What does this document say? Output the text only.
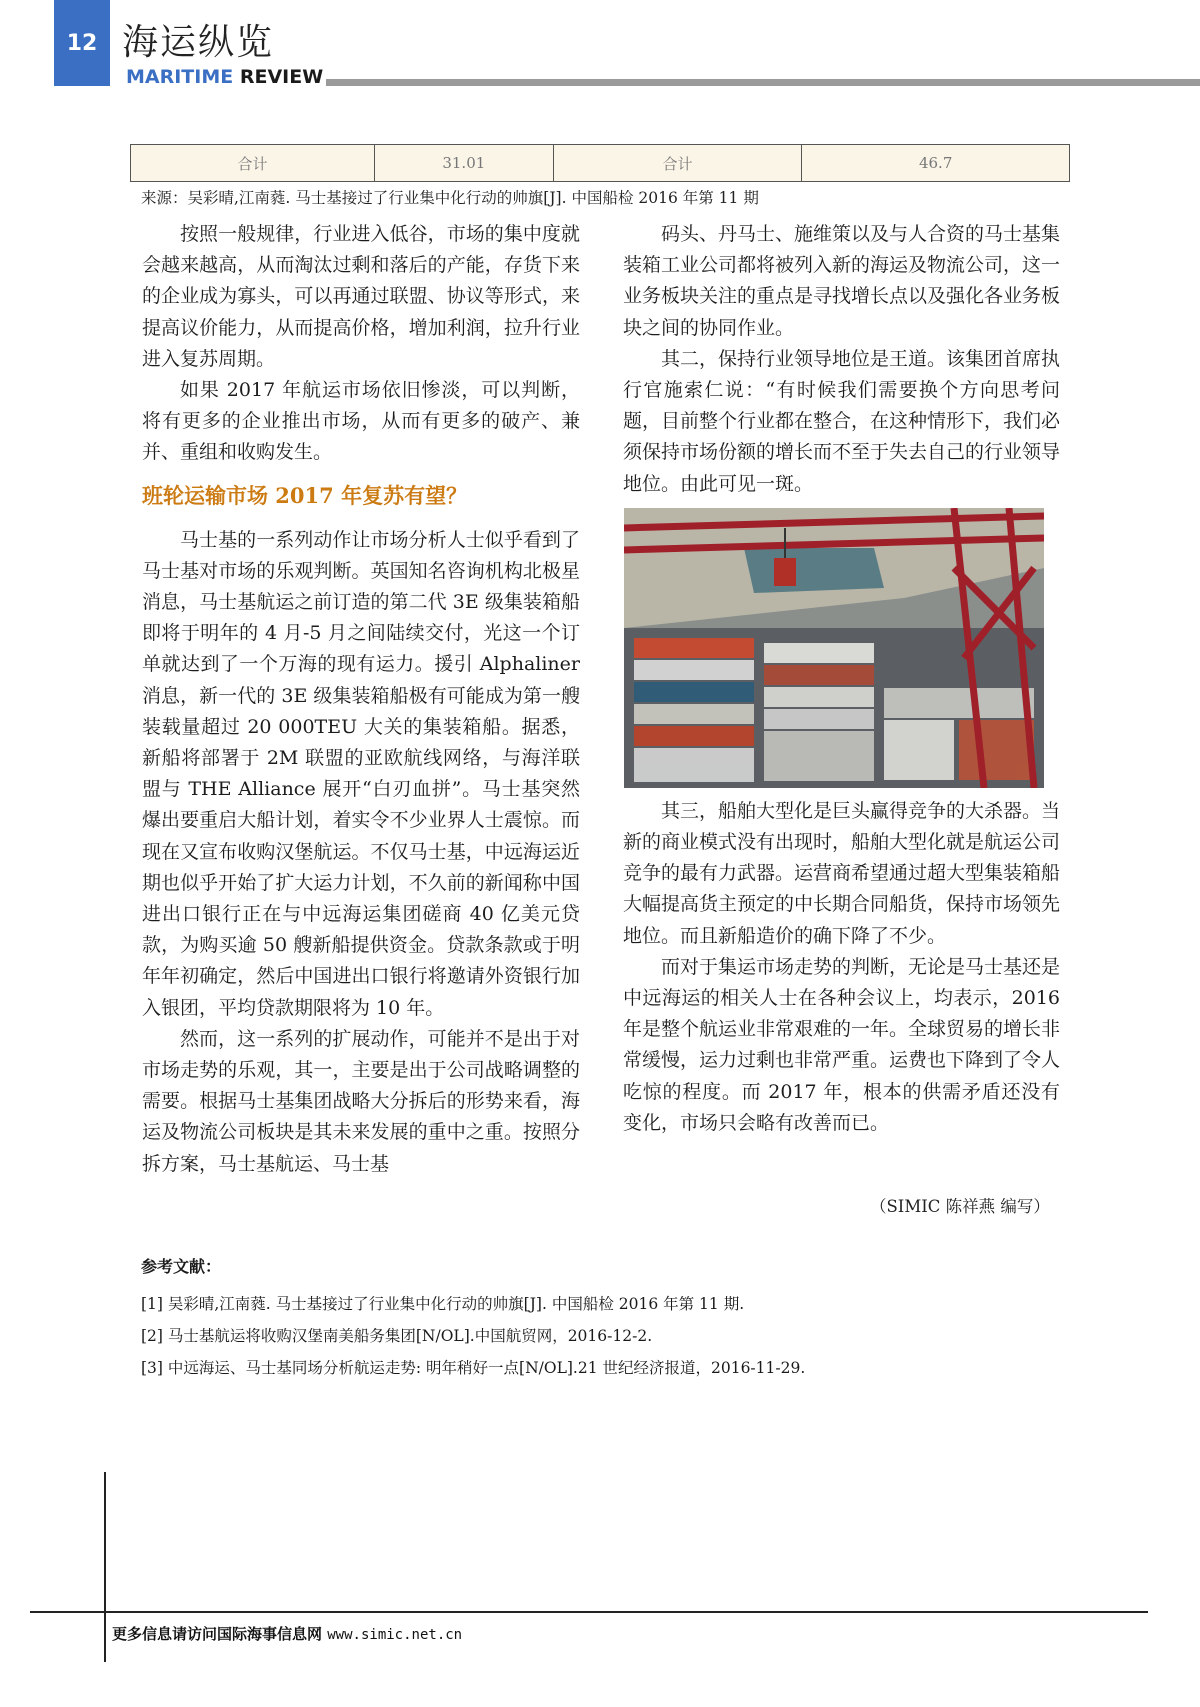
12 海运纵览
MARITIME REVIEW
合计	31.01	合计	46.7
来源：吴彩晴,江南蕤. 马士基接过了行业集中化行动的帅旗[J]. 中国船检 2016 年第 11 期

按照一般规律，行业进入低谷，市场的集中度就会越来越高，从而淘汰过剩和落后的产能，存货下来的企业成为寡头，可以再通过联盟、协议等形式，来提高议价能力，从而提高价格，增加利润，拉升行业进入复苏周期。

如果 2017 年航运市场依旧惨淡，可以判断，将有更多的企业推出市场，从而有更多的破产、兼并、重组和收购发生。

班轮运输市场 2017 年复苏有望？

马士基的一系列动作让市场分析人士似乎看到了马士基对市场的乐观判断。英国知名咨询机构北极星消息，马士基航运之前订造的第二代 3E 级集装箱船即将于明年的 4 月-5 月之间陆续交付，光这一个订单就达到了一个万海的现有运力。援引 Alphaliner 消息，新一代的 3E 级集装箱船极有可能成为第一艘装载量超过 20 000TEU 大关的集装箱船。据悉，新船将部署于 2M 联盟的亚欧航线网络，与海洋联盟与 THE Alliance 展开“白刃血拼”。马士基突然爆出要重启大船计划，着实令不少业界人士震惊。而现在又宣布收购汉堡航运。不仅马士基，中远海运近期也似乎开始了扩大运力计划，不久前的新闻称中国进出口银行正在与中远海运集团磋商 40 亿美元贷款，为购买逾 50 艘新船提供资金。贷款条款或于明年年初确定，然后中国进出口银行将邀请外资银行加入银团，平均贷款期限将为 10 年。

然而，这一系列的扩展动作，可能并不是出于对市场走势的乐观，其一，主要是出于公司战略调整的需要。根据马士基集团战略大分拆后的形势来看，海运及物流公司板块是其未来发展的重中之重。按照分拆方案，马士基航运、马士基

码头、丹马士、施维策以及与人合资的马士基集装箱工业公司都将被列入新的海运及物流公司，这一业务板块关注的重点是寻找增长点以及强化各业务板块之间的协同作业。

其二，保持行业领导地位是王道。该集团首席执行官施索仁说：“有时候我们需要换个方向思考问题，目前整个行业都在整合，在这种情形下，我们必须保持市场份额的增长而不至于失去自己的行业领导地位。由此可见一斑。

其三，船舶大型化是巨头赢得竞争的大杀器。当新的商业模式没有出现时，船舶大型化就是航运公司竞争的最有力武器。运营商希望通过超大型集装箱船大幅提高货主预定的中长期合同船货，保持市场领先地位。而且新船造价的确下降了不少。

而对于集运市场走势的判断，无论是马士基还是中远海运的相关人士在各种会议上，均表示，2016 年是整个航运业非常艰难的一年。全球贸易的增长非常缓慢，运力过剩也非常严重。运费也下降到了令人吃惊的程度。而 2017 年，根本的供需矛盾还没有变化，市场只会略有改善而已。

（SIMIC 陈祥燕 编写）
参考文献：
[1] 吴彩晴,江南蕤. 马士基接过了行业集中化行动的帅旗[J]. 中国船检 2016 年第 11 期.
[2] 马士基航运将收购汉堡南美船务集团[N/OL].中国航贸网，2016-12-2.
[3] 中远海运、马士基同场分析航运走势: 明年稍好一点[N/OL].21 世纪经济报道，2016-11-29.
更多信息请访问国际海事信息网 www.simic.net.cn
